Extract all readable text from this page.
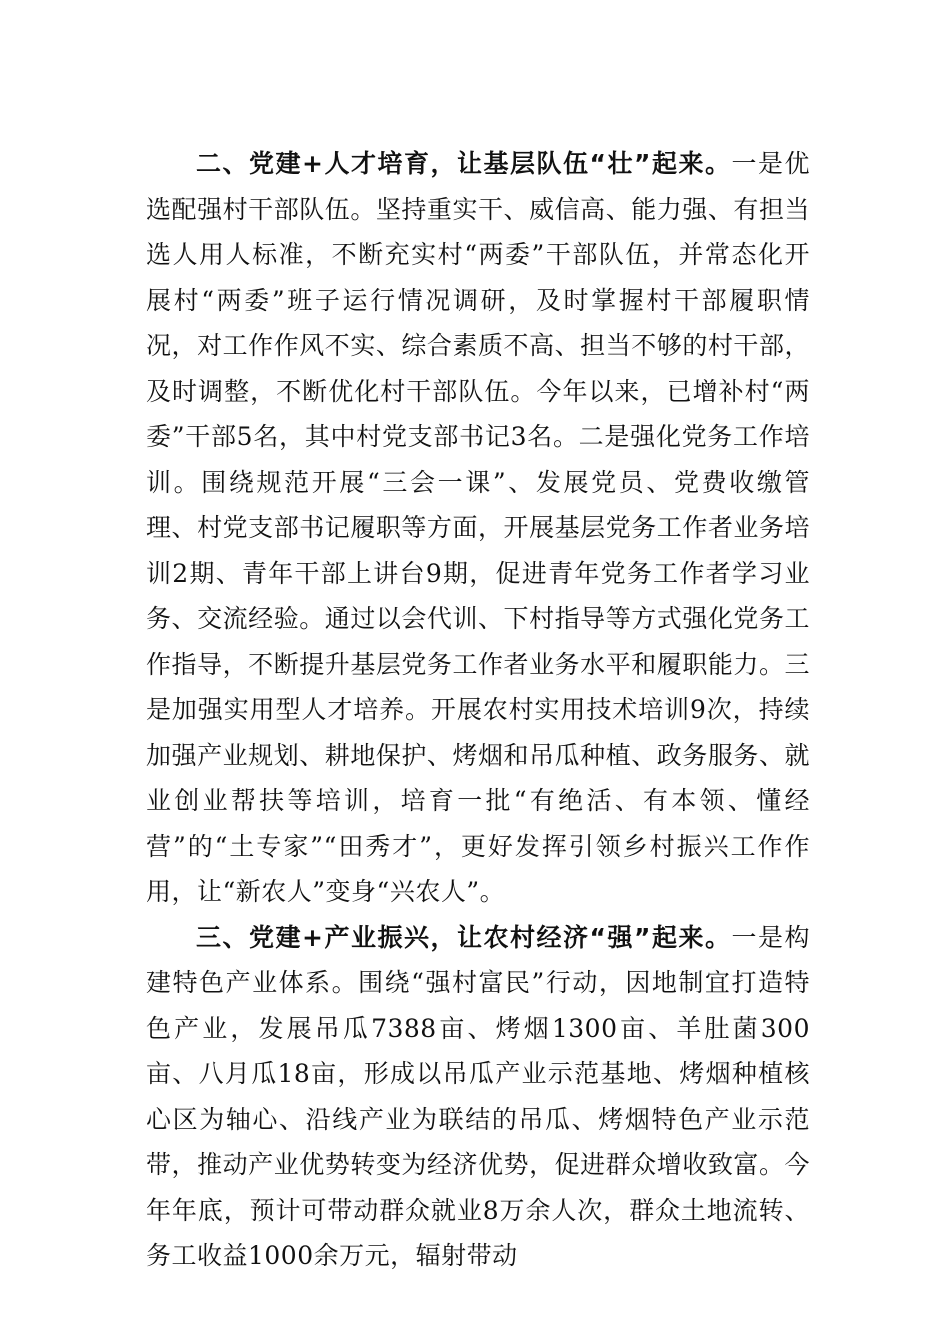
二、党建+人才培育，让基层队伍“壮”起来。一是优选配强村干部队伍。坚持重实干、威信高、能力强、有担当选人用人标准，不断充实村“两委”干部队伍，并常态化开展村“两委”班子运行情况调研，及时掌握村干部履职情况，对工作作风不实、综合素质不高、担当不够的村干部，及时调整，不断优化村干部队伍。今年以来，已增补村“两委”干部5名，其中村党支部书记3名。二是强化党务工作培训。围绕规范开展“三会一课”、发展党员、党费收缴管理、村党支部书记履职等方面，开展基层党务工作者业务培训2期、青年干部上讲台9期，促进青年党务工作者学习业务、交流经验。通过以会代训、下村指导等方式强化党务工作指导，不断提升基层党务工作者业务水平和履职能力。三是加强实用型人才培养。开展农村实用技术培训9次，持续加强产业规划、耕地保护、烤烟和吊瓜种植、政务服务、就业创业帮扶等培训，培育一批“有绝活、有本领、懂经营”的“土专家”“田秀才”，更好发挥引领乡村振兴工作作用，让“新农人”变身“兴农人”。

三、党建+产业振兴，让农村经济“强”起来。一是构建特色产业体系。围绕“强村富民”行动，因地制宜打造特色产业，发展吊瓜7388亩、烤烟1300亩、羊肚菌300亩、八月瓜18亩，形成以吊瓜产业示范基地、烤烟种植核心区为轴心、沿线产业为联结的吊瓜、烤烟特色产业示范带，推动产业优势转变为经济优势，促进群众增收致富。今年年底，预计可带动群众就业8万余人次，群众土地流转、务工收益1000余万元，辐射带动
